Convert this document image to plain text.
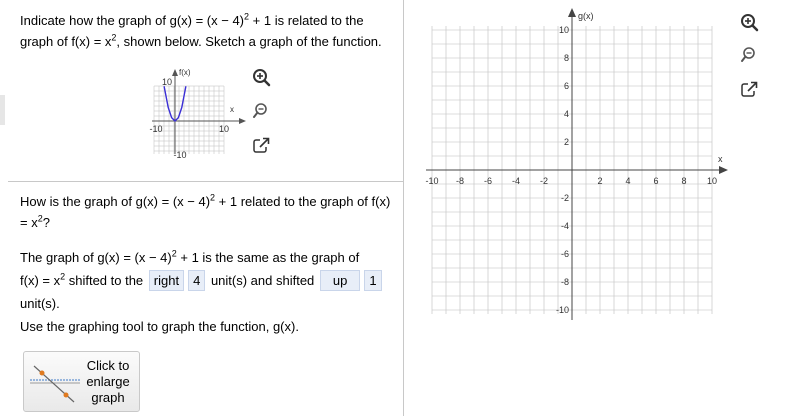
Indicate how the graph of $g(x) = (x - 4)^2 + 1$ is related to the graph of $f(x) = x^2$, shown below. Sketch a graph of the function.
f(x)
x
10
-10
-10	10
How is the graph of $g(x) = (x - 4)^2 + 1$ related to the graph of $f(x) = x^2$?
The graph of $g(x) = (x - 4)^2 + 1$ is the same as the graph of
$f(x) = x^2$ shifted to the right 4 unit(s) and shifted up 1
unit(s).
Use the graphing tool to graph the function, g(x).
Click to
enlarge
graph
g(x)
x
-10 -8 -6 -4 -2	2	4	6	8 10
10
8
6
4
2
-2
-4
-6
-8
-10
